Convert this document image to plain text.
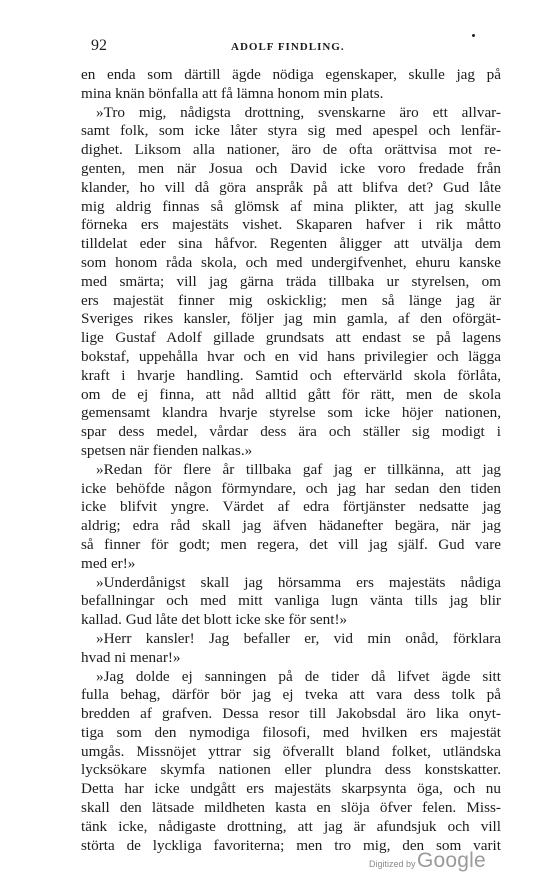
92	ADOLF FINDLING.
en enda som därtill ägde nödiga egenskaper, skulle jag på
mina knän bönfalla att få lämna honom min plats.
»Tro mig, nådigsta drottning, svenskarne äro ett allvar-
samt folk, som icke låter styra sig med apespel och lenfär-
dighet. Liksom alla nationer, äro de ofta orättvisa mot re-
genten, men när Josua och David icke voro fredade från
klander, ho vill då göra anspråk på att blifva det? Gud låte
mig aldrig finnas så glömsk af mina plikter, att jag skulle
förneka ers majestäts vishet. Skaparen hafver i rik måtto
tilldelat eder sina håfvor. Regenten åligger att utvälja dem
som honom råda skola, och med undergifvenhet, ehuru kanske
med smärta; vill jag gärna träda tillbaka ur styrelsen, om
ers majestät finner mig oskicklig; men så länge jag är
Sveriges rikes kansler, följer jag min gamla, af den oförgät-
lige Gustaf Adolf gillade grundsats att endast se på lagens
bokstaf, uppehålla hvar och en vid hans privilegier och lägga
kraft i hvarje handling. Samtid och eftervärld skola förlåta,
om de ej finna, att nåd alltid gått för rätt, men de skola
gemensamt klandra hvarje styrelse som icke höjer nationen,
spar dess medel, vårdar dess ära och ställer sig modigt i
spetsen när fienden nalkas.»
»Redan för flere år tillbaka gaf jag er tillkänna, att jag
icke behöfde någon förmyndare, och jag har sedan den tiden
icke blifvit yngre. Värdet af edra förtjänster nedsatte jag
aldrig; edra råd skall jag äfven hädanefter begära, när jag
så finner för godt; men regera, det vill jag själf. Gud vare
med er!»
»Underdånigst skall jag hörsamma ers majestäts nådiga
befallningar och med mitt vanliga lugn vänta tills jag blir
kallad. Gud låte det blott icke ske för sent!»
»Herr kansler! Jag befaller er, vid min onåd, förklara
hvad ni menar!»
»Jag dolde ej sanningen på de tider då lifvet ägde sitt
fulla behag, därför bör jag ej tveka att vara dess tolk på
bredden af grafven. Dessa resor till Jakobsdal äro lika onyt-
tiga som den nymodiga filosofi, med hvilken ers majestät
umgås. Missnöjet yttrar sig öfverallt bland folket, utländska
lycksökare skymfa nationen eller plundra dess konstskatter.
Detta har icke undgått ers majestäts skarpsynta öga, och nu
skall den lätsade mildheten kasta en slöja öfver felen. Miss-
tänk icke, nådigaste drottning, att jag är afundsjuk och vill
störta de lyckliga favoriterna; men tro mig, den som varit
Digitized by Google
